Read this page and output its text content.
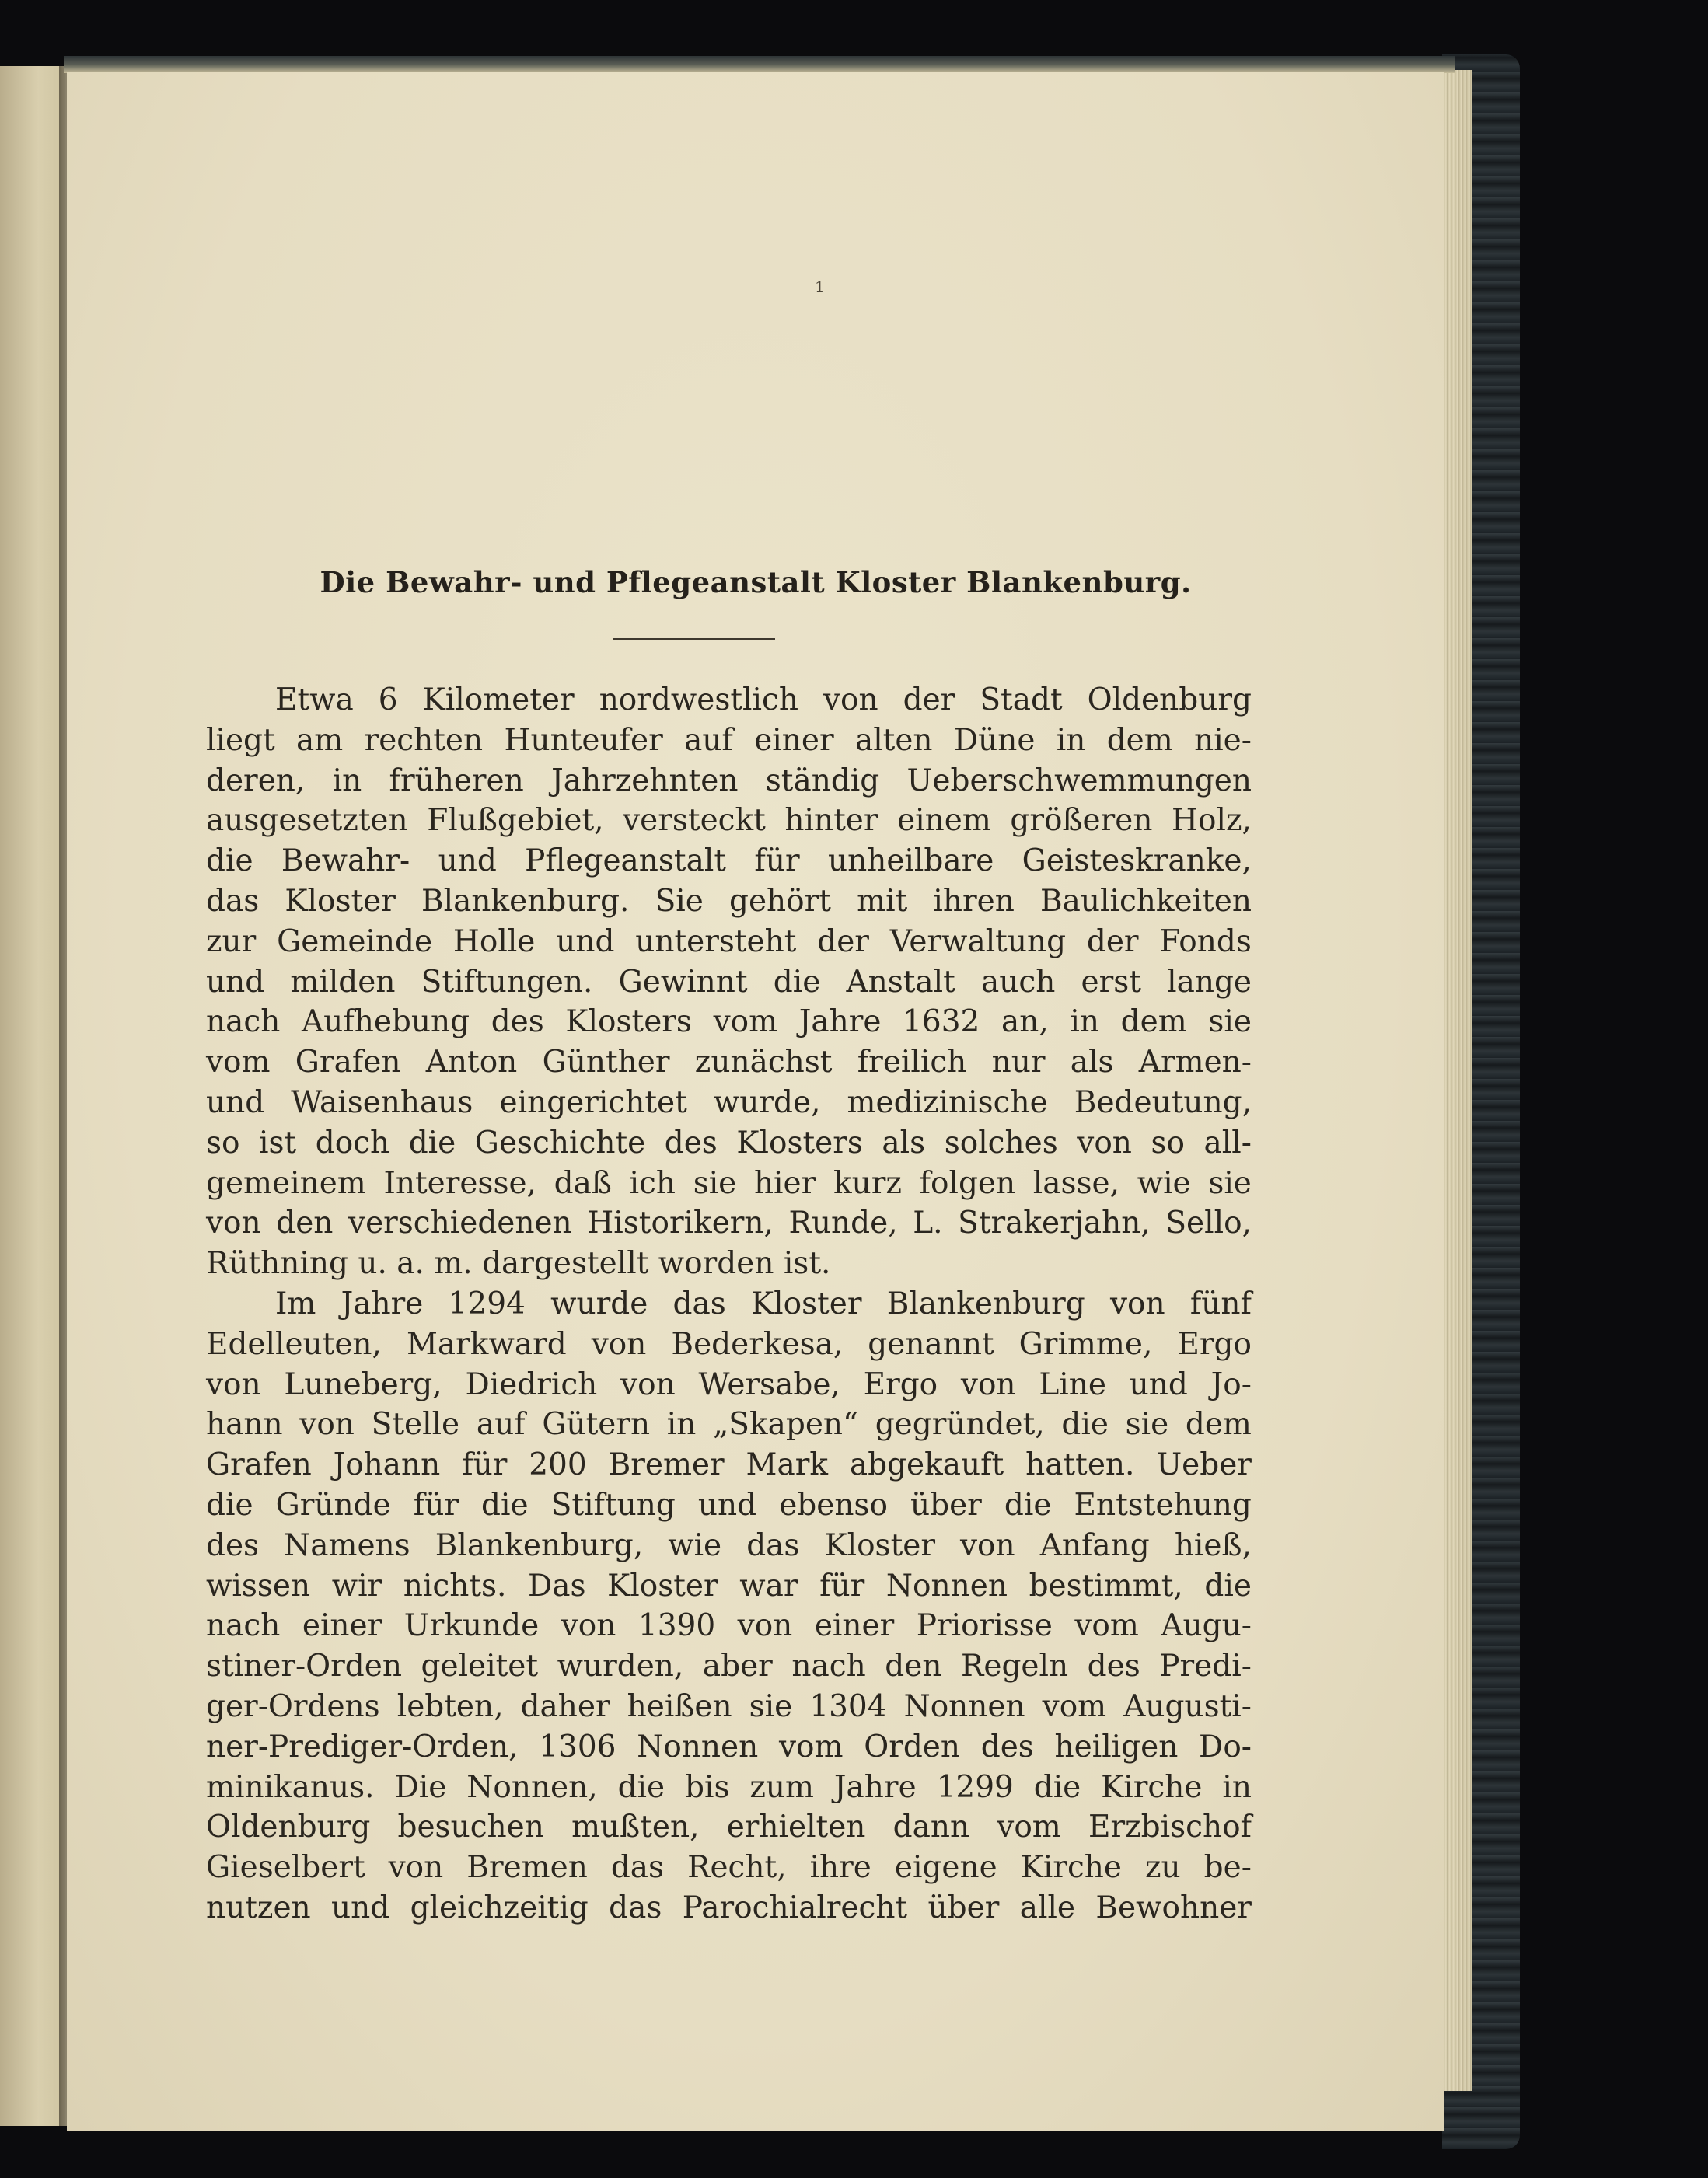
1
Die Bewahr- und Pflegeanstalt Kloster Blankenburg.
Etwa 6 Kilometer nordwestlich von der Stadt Oldenburg
liegt am rechten Hunteufer auf einer alten Düne in dem nie-
deren, in früheren Jahrzehnten ständig Ueberschwemmungen
ausgesetzten Flußgebiet, versteckt hinter einem größeren Holz,
die Bewahr- und Pflegeanstalt für unheilbare Geisteskranke,
das Kloster Blankenburg. Sie gehört mit ihren Baulichkeiten
zur Gemeinde Holle und untersteht der Verwaltung der Fonds
und milden Stiftungen. Gewinnt die Anstalt auch erst lange
nach Aufhebung des Klosters vom Jahre 1632 an, in dem sie
vom Grafen Anton Günther zunächst freilich nur als Armen-
und Waisenhaus eingerichtet wurde, medizinische Bedeutung,
so ist doch die Geschichte des Klosters als solches von so all-
gemeinem Interesse, daß ich sie hier kurz folgen lasse, wie sie
von den verschiedenen Historikern, Runde, L. Strakerjahn, Sello,
Rüthning u. a. m. dargestellt worden ist.
Im Jahre 1294 wurde das Kloster Blankenburg von fünf
Edelleuten, Markward von Bederkesa, genannt Grimme, Ergo
von Luneberg, Diedrich von Wersabe, Ergo von Line und Jo-
hann von Stelle auf Gütern in „Skapen“ gegründet, die sie dem
Grafen Johann für 200 Bremer Mark abgekauft hatten. Ueber
die Gründe für die Stiftung und ebenso über die Entstehung
des Namens Blankenburg, wie das Kloster von Anfang hieß,
wissen wir nichts. Das Kloster war für Nonnen bestimmt, die
nach einer Urkunde von 1390 von einer Priorisse vom Augu-
stiner-Orden geleitet wurden, aber nach den Regeln des Predi-
ger-Ordens lebten, daher heißen sie 1304 Nonnen vom Augusti-
ner-Prediger-Orden, 1306 Nonnen vom Orden des heiligen Do-
minikanus. Die Nonnen, die bis zum Jahre 1299 die Kirche in
Oldenburg besuchen mußten, erhielten dann vom Erzbischof
Gieselbert von Bremen das Recht, ihre eigene Kirche zu be-
nutzen und gleichzeitig das Parochialrecht über alle Bewohner
